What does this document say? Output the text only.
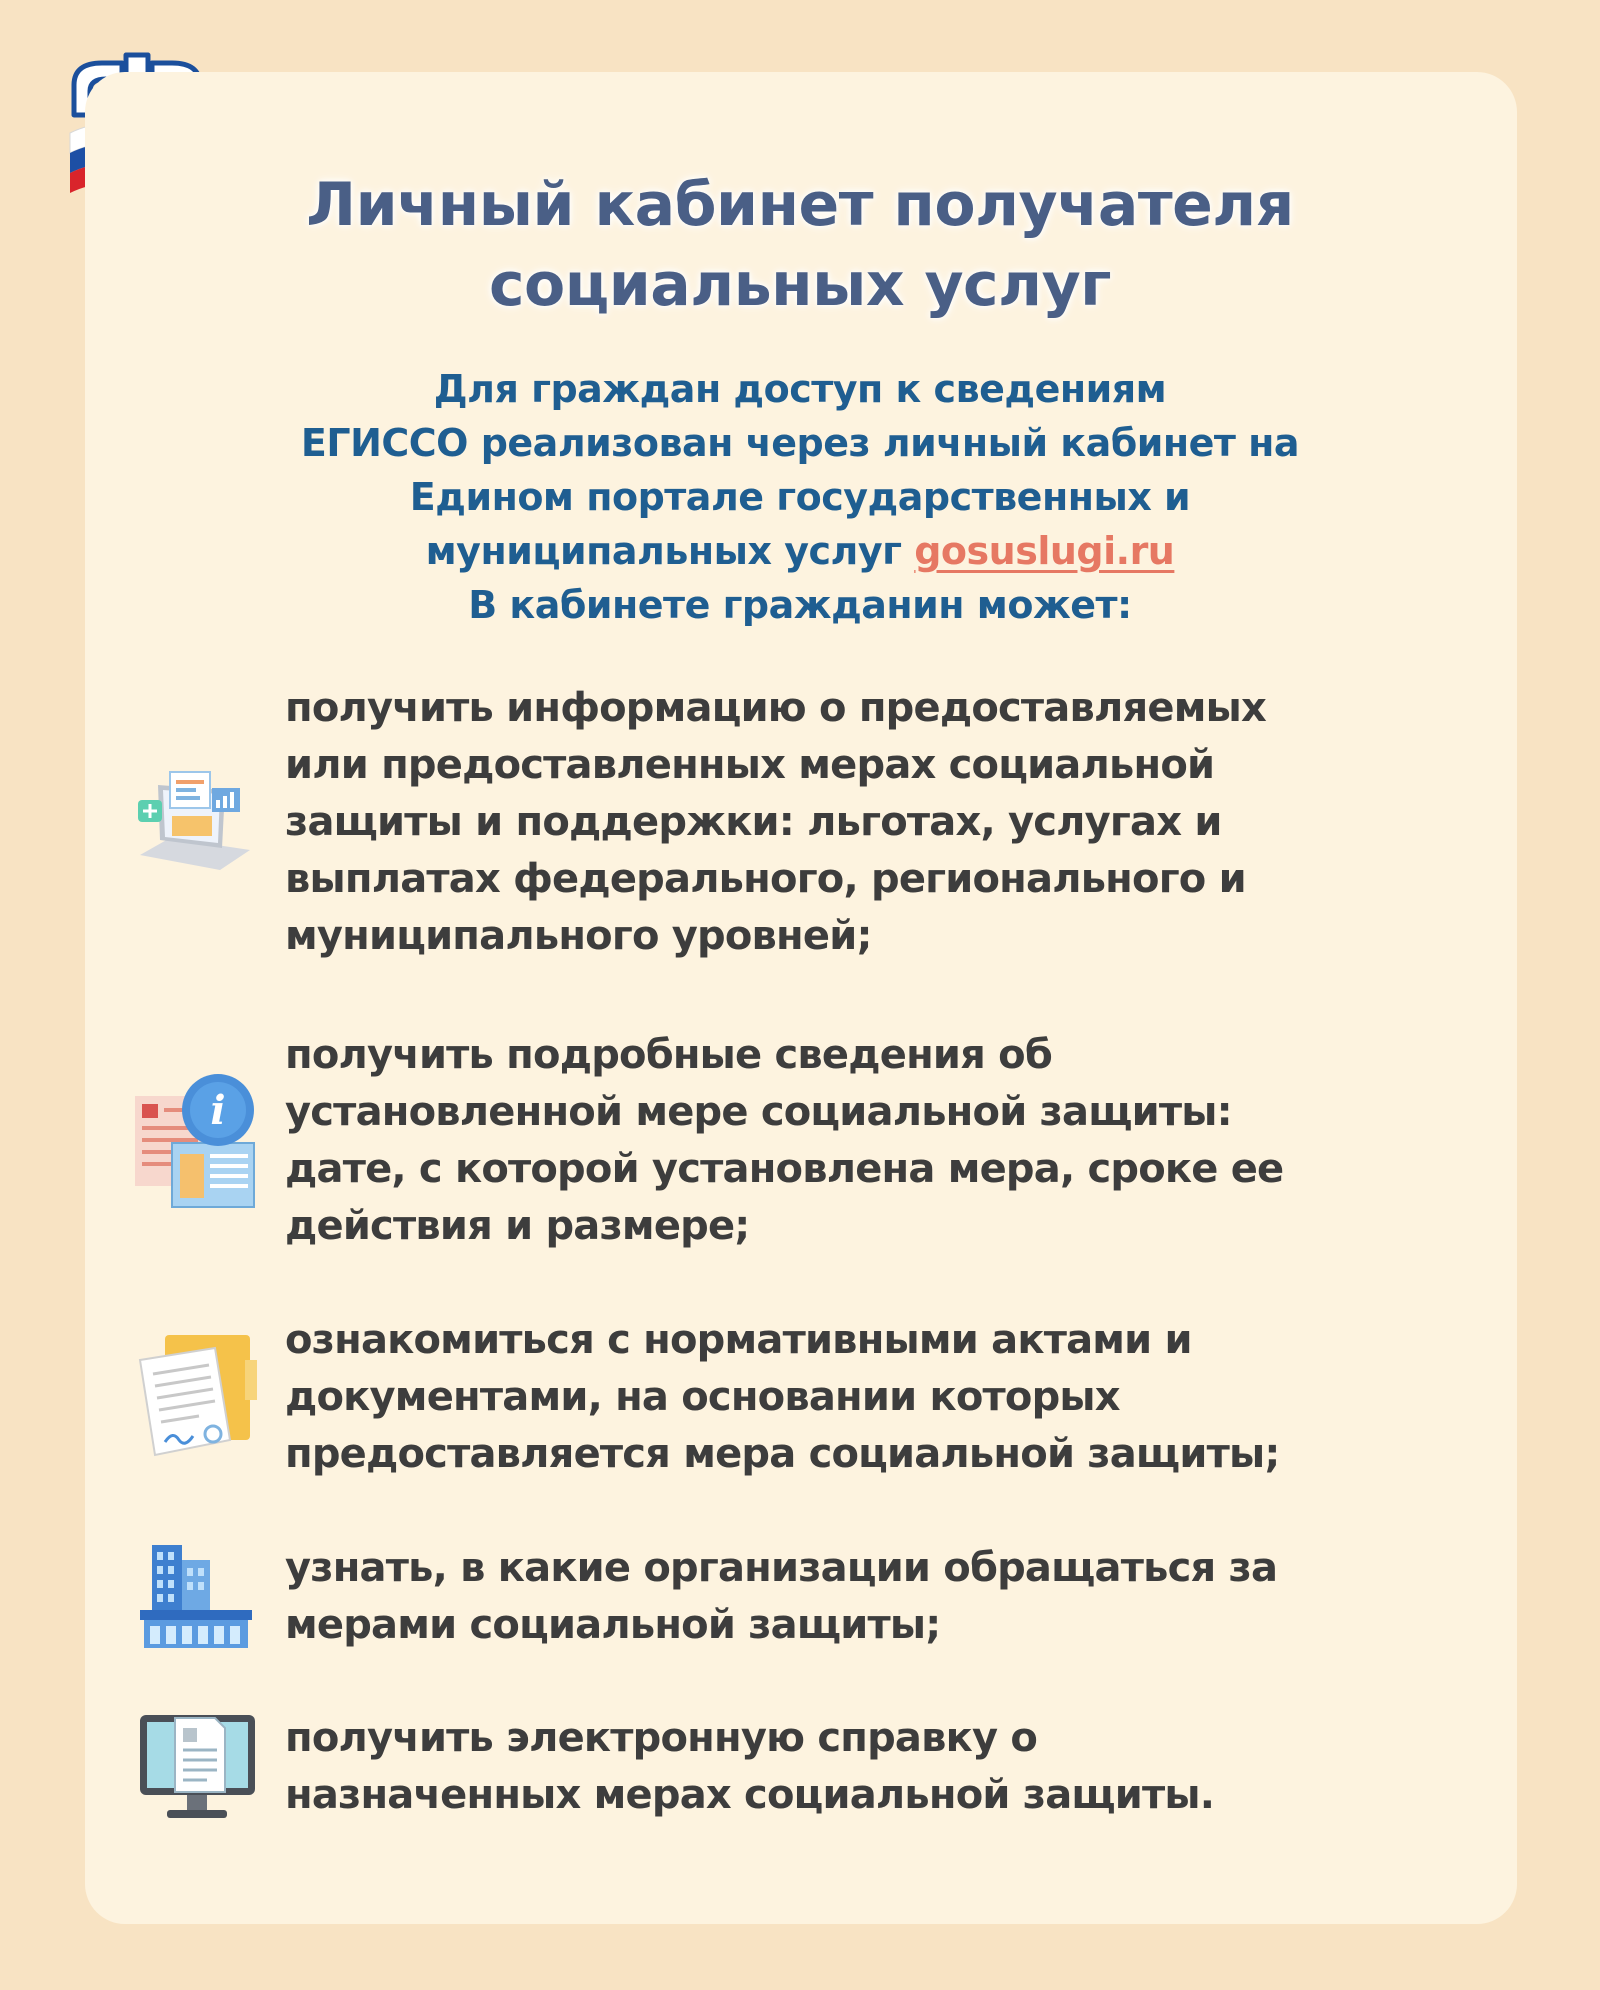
Личный кабинет получателя
социальных услуг
Для граждан доступ к сведениям
ЕГИССО реализован через личный кабинет на
Едином портале государственных и
муниципальных услуг gosuslugi.ru
В кабинете гражданин может:
получить информацию о предоставляемых
или предоставленных мерах социальной
защиты и поддержки: льготах, услугах и
выплатах федерального, регионального и
муниципального уровней;
i
получить подробные сведения об
установленной мере социальной защиты:
дате, с которой установлена мера, сроке ее
действия и размере;
ознакомиться с нормативными актами и
документами, на основании которых
предоставляется мера социальной защиты;
узнать, в какие организации обращаться за
мерами социальной защиты;
получить электронную справку о
назначенных мерах социальной защиты.
